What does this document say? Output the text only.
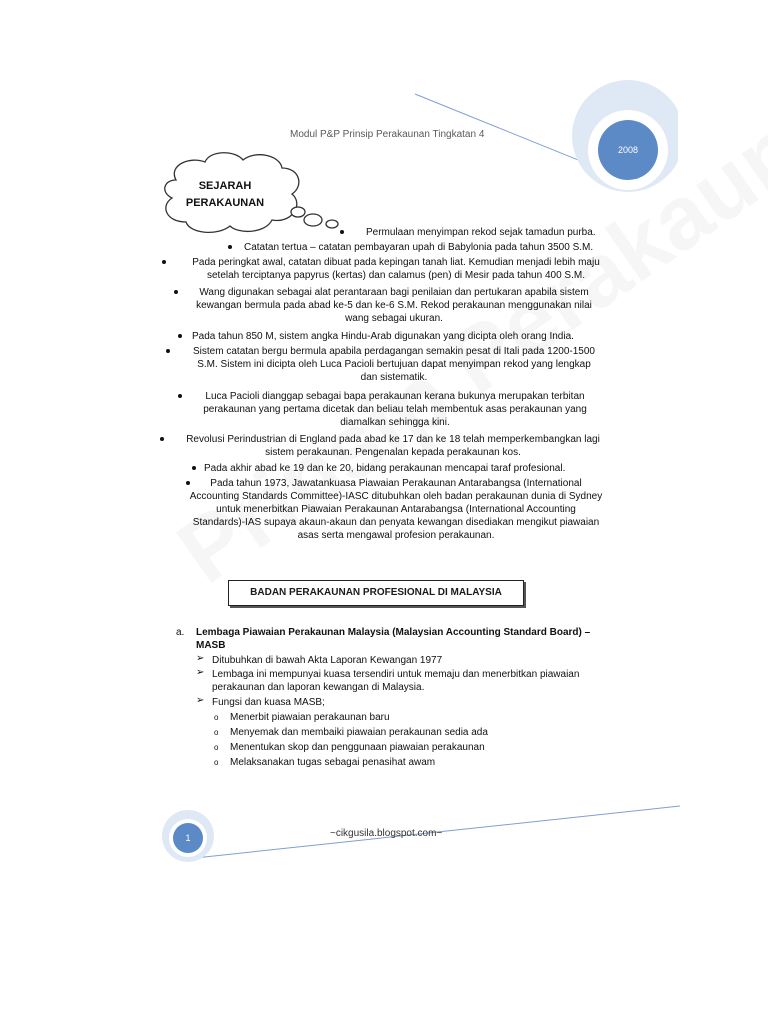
Modul P&P Prinsip Perakaunan Tingkatan 4
2008
SEJARAH
PERAKAUNAN
Permulaan menyimpan rekod sejak tamadun purba.
Catatan tertua – catatan pembayaran upah di Babylonia pada tahun 3500 S.M.
Pada peringkat awal, catatan dibuat pada kepingan tanah liat. Kemudian menjadi lebih maju
setelah terciptanya papyrus (kertas) dan calamus (pen) di Mesir pada tahun 400 S.M.
Wang digunakan sebagai alat perantaraan bagi penilaian dan pertukaran apabila sistem
kewangan bermula pada abad ke-5 dan ke-6 S.M. Rekod perakaunan menggunakan nilai
wang sebagai ukuran.
Pada tahun 850 M, sistem angka Hindu-Arab digunakan yang dicipta oleh orang India.
Sistem catatan bergu bermula apabila perdagangan semakin pesat di Itali pada 1200-1500
S.M. Sistem ini dicipta oleh Luca Pacioli bertujuan dapat menyimpan rekod yang lengkap
dan sistematik.
Luca Pacioli dianggap sebagai bapa perakaunan kerana bukunya merupakan terbitan
perakaunan yang pertama dicetak dan beliau telah membentuk asas perakaunan yang
diamalkan sehingga kini.
Revolusi Perindustrian di England pada abad ke 17 dan ke 18 telah memperkembangkan lagi
sistem perakaunan. Pengenalan kepada perakaunan kos.
Pada akhir abad ke 19 dan ke 20, bidang perakaunan mencapai taraf profesional.
Pada tahun 1973, Jawatankuasa Piawaian Perakaunan Antarabangsa (International
Accounting Standards Committee)-IASC ditubuhkan oleh badan perakaunan dunia di Sydney
untuk menerbitkan Piawaian Perakaunan Antarabangsa (International Accounting
Standards)-IAS supaya akaun-akaun dan penyata kewangan disediakan mengikut piawaian
asas serta mengawal profesion perakaunan.
BADAN PERAKAUNAN PROFESIONAL DI MALAYSIA
a. Lembaga Piawaian Perakaunan Malaysia (Malaysian Accounting Standard Board) –
MASB
➢ Ditubuhkan di bawah Akta Laporan Kewangan 1977
➢ Lembaga ini mempunyai kuasa tersendiri untuk memaju dan menerbitkan piawaian
perakaunan dan laporan kewangan di Malaysia.
➢ Fungsi dan kuasa MASB;
o Menerbit piawaian perakaunan baru
o Menyemak dan membaiki piawaian perakaunan sedia ada
o Menentukan skop dan penggunaan piawaian perakaunan
o Melaksanakan tugas sebagai penasihat awam
~cikgusila.blogspot.com~
1
